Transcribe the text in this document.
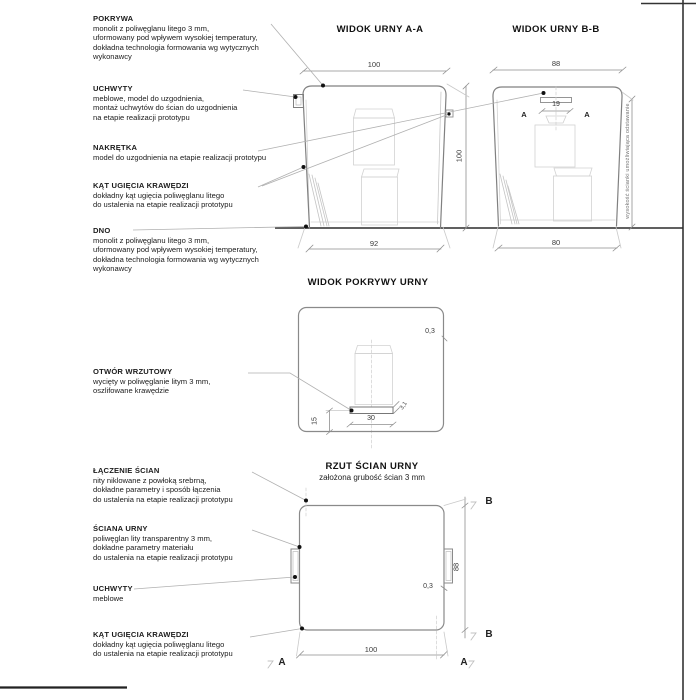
POKRYWA
monolit z poliwęglanu litego 3 mm,
uformowany pod wpływem wysokiej temperatury,
dokładna technologia formowania wg wytycznych
wykonawcy
UCHWYTY
meblowe, model do uzgodnienia,
montaż uchwytów do ścian do uzgodnienia
na etapie realizacji prototypu
NAKRĘTKA
model do uzgodnienia na etapie realizacji prototypu
KĄT UGIĘCIA KRAWĘDZI
dokładny kąt ugięcia poliwęglanu litego
do ustalenia na etapie realizacji prototypu
DNO
monolit z poliwęglanu litego 3 mm,
uformowany pod wpływem wysokiej temperatury,
dokładna technologia formowania wg wytycznych
wykonawcy
OTWÓR WRZUTOWY
wycięty w poliwęglanie litym 3 mm,
oszlifowane krawędzie
ŁĄCZENIE ŚCIAN
nity niklowane z powłoką srebrną,
dokładne parametry i sposób łączenia
do ustalenia na etapie realizacji prototypu
ŚCIANA URNY
poliwęglan lity transparentny 3 mm,
dokładne parametry materiału
do ustalenia na etapie realizacji prototypu
UCHWYTY
meblowe
KĄT UGIĘCIA KRAWĘDZI
dokładny kąt ugięcia poliwęglanu litego
do ustalenia na etapie realizacji prototypu
WIDOK URNY A-A	WIDOK URNY B-B
WIDOK POKRYWY URNY
RZUT ŚCIAN URNY
założona grubość ścian 3 mm
100
92
100
88
19
80
A	A	wysokość ścianki umożliwiająca odstawanie
0,3
15	30
3,1
0,3
88
100
B
B
A	A
